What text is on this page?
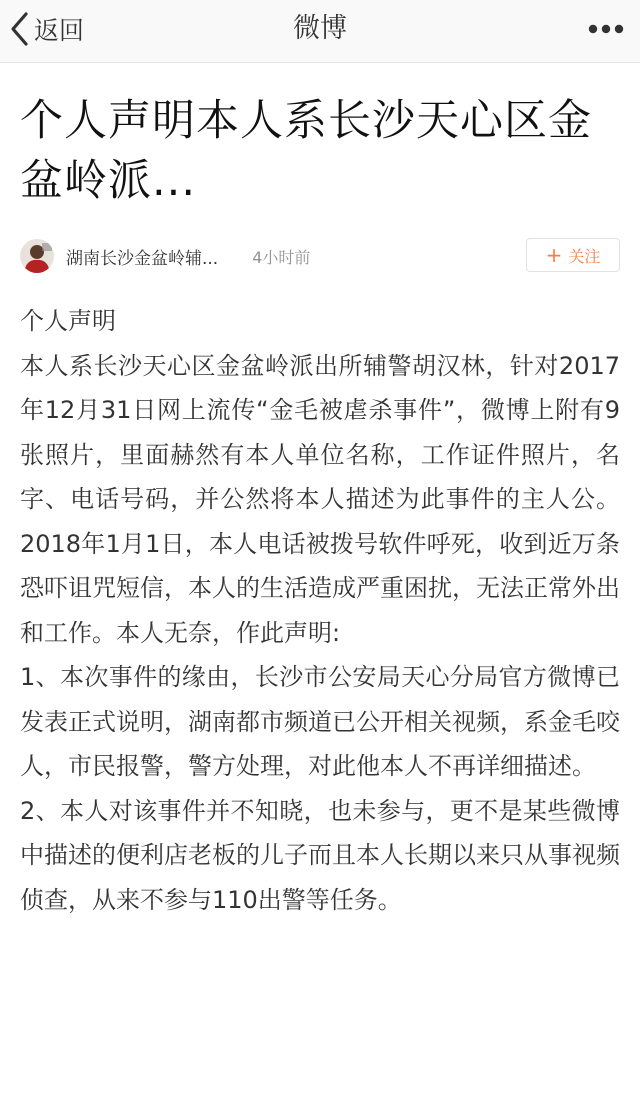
返回	微博
个人声明本人系长沙天心区金盆岭派...
湖南长沙金盆岭辅... 4小时前	+ 关注

个人声明

本人系长沙天心区金盆岭派出所辅警胡汉林，针对2017年12月31日网上流传“金毛被虐杀事件”，微博上附有9张照片，里面赫然有本人单位名称，工作证件照片，名字、电话号码，并公然将本人描述为此事件的主人公。2018年1月1日，本人电话被拨号软件呼死，收到近万条恐吓诅咒短信，本人的生活造成严重困扰，无法正常外出和工作。本人无奈，作此声明:

1、本次事件的缘由，长沙市公安局天心分局官方微博已发表正式说明，湖南都市频道已公开相关视频，系金毛咬人，市民报警，警方处理，对此他本人不再详细描述。

2、本人对该事件并不知晓，也未参与，更不是某些微博中描述的便利店老板的儿子而且本人长期以来只从事视频侦查，从来不参与110出警等任务。
